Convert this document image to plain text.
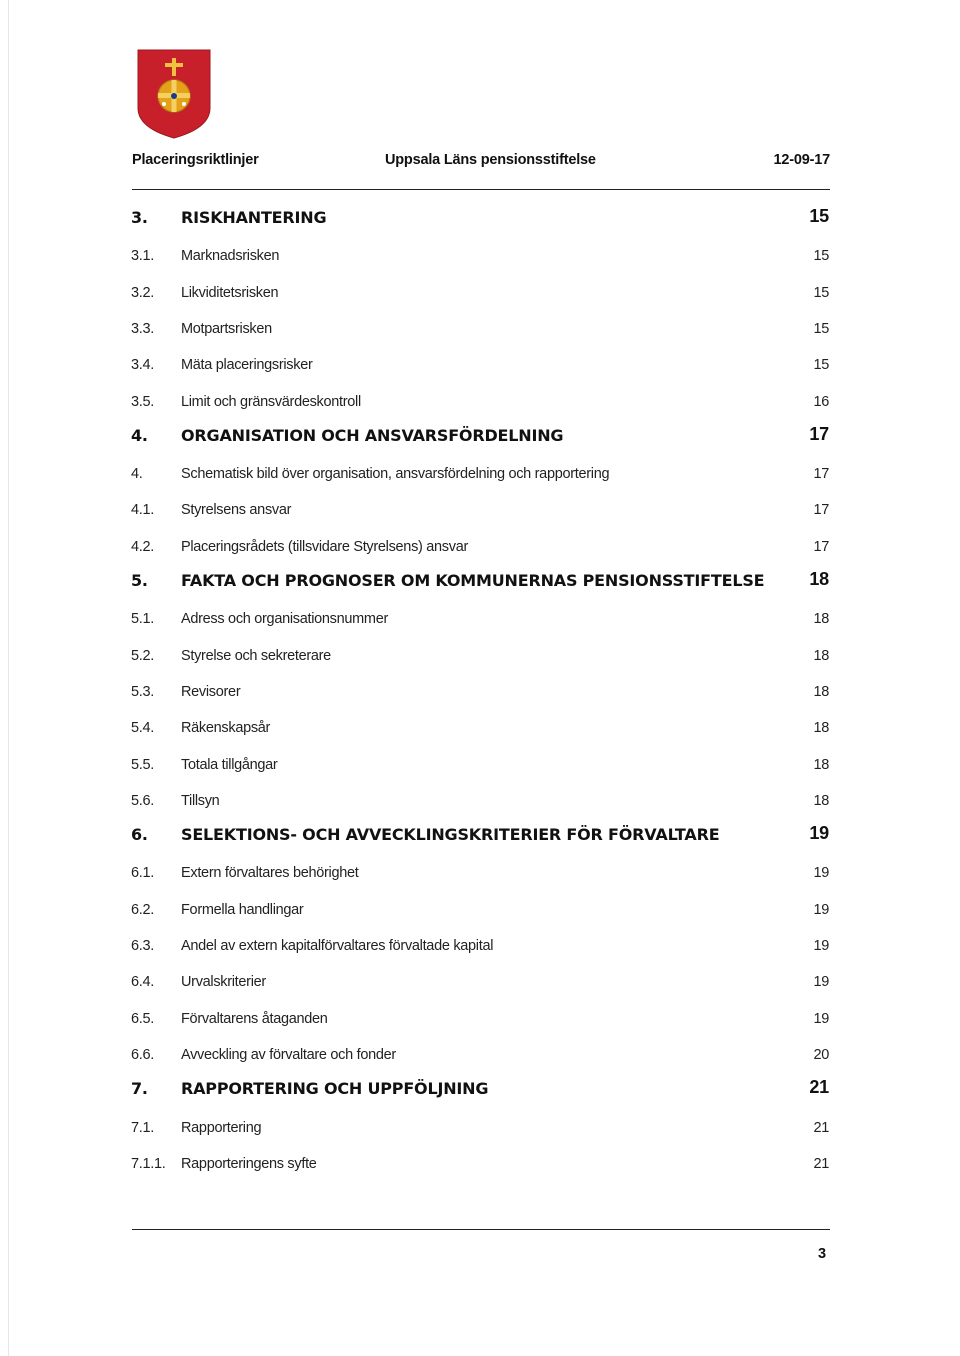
Placeringsriktlinjer	Uppsala Läns pensionsstiftelse	12-09-17
3. RISKHANTERING	15
3.1. Marknadsrisken	15
3.2. Likviditetsrisken	15
3.3. Motpartsrisken	15
3.4. Mäta placeringsrisker	15
3.5. Limit och gränsvärdeskontroll	16
4. ORGANISATION OCH ANSVARSFÖRDELNING	17
4.	Schematisk bild över organisation, ansvarsfördelning och rapportering	17
4.1. Styrelsens ansvar	17
4.2. Placeringsrådets (tillsvidare Styrelsens) ansvar	17
5. FAKTA OCH PROGNOSER OM KOMMUNERNAS PENSIONSSTIFTELSE	18
5.1. Adress och organisationsnummer	18
5.2. Styrelse och sekreterare	18
5.3. Revisorer	18
5.4. Räkenskapsår	18
5.5. Totala tillgångar	18
5.6. Tillsyn	18
6. SELEKTIONS- OCH AVVECKLINGSKRITERIER FÖR FÖRVALTARE	19
6.1. Extern förvaltares behörighet	19
6.2. Formella handlingar	19
6.3. Andel av extern kapitalförvaltares förvaltade kapital	19
6.4. Urvalskriterier	19
6.5. Förvaltarens åtaganden	19
6.6. Avveckling av förvaltare och fonder	20
7. RAPPORTERING OCH UPPFÖLJNING	21
7.1. Rapportering	21
7.1.1. Rapporteringens syfte	21
3
